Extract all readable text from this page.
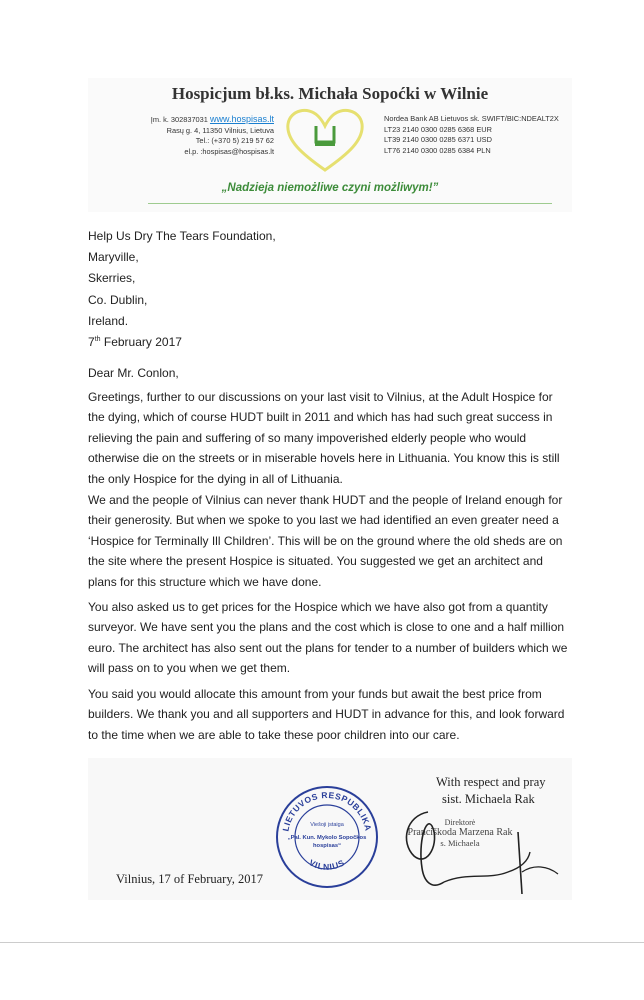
Hospicjum bł.ks. Michała Sopoćki w Wilnie
Įm. k. 302837031 www.hospisas.lt
Rasų g. 4, 11350 Vilnius, Lietuva
Tel.: (+370 5) 219 57 62
el.p. :hospisas@hospisas.lt
Nordea Bank AB Lietuvos sk. SWIFT/BIC:NDEALT2X
LT23 2140 0300 0285 6368 EUR
LT39 2140 0300 0285 6371 USD
LT76 2140 0300 0285 6384 PLN
„Nadzieja niemożliwe czyni możliwym!”
Help Us Dry The Tears Foundation,
Maryville,
Skerries,
Co. Dublin,
Ireland.
7th February 2017
Dear Mr. Conlon,

Greetings, further to our discussions on your last visit to Vilnius, at the Adult Hospice for the dying, which of course HUDT built in 2011 and which has had such great success in relieving the pain and suffering of so many impoverished elderly people who would otherwise die on the streets or in miserable hovels here in Lithuania. You know this is still the only Hospice for the dying in all of Lithuania.

We and the people of Vilnius can never thank HUDT and the people of Ireland enough for their generosity. But when we spoke to you last we had identified an even greater need a ‘Hospice for Terminally Ill Children’. This will be on the ground where the old sheds are on the site where the present Hospice is situated. You suggested we get an architect and plans for this structure which we have done.

You also asked us to get prices for the Hospice which we have also got from a quantity surveyor. We have sent you the plans and the cost which is close to one and a half million euro. The architect has also sent out the plans for tender to a number of builders which we will pass on to you when we get them.

You said you would allocate this amount from your funds but await the best price from builders. We thank you and all supporters and HUDT in advance for this, and look forward to the time when we are able to take these poor children into our care.

With respect and pray
sist. Michaela Rak
LIETUVOS RESPUBLIKA
VILNIUS
Viešoji įstaiga
„Pal. Kun. Mykolo Sopočkos
hospisas“
Direktorė
Pranciškoda Marzena Rak
s. Michaela
Vilnius, 17 of February, 2017
